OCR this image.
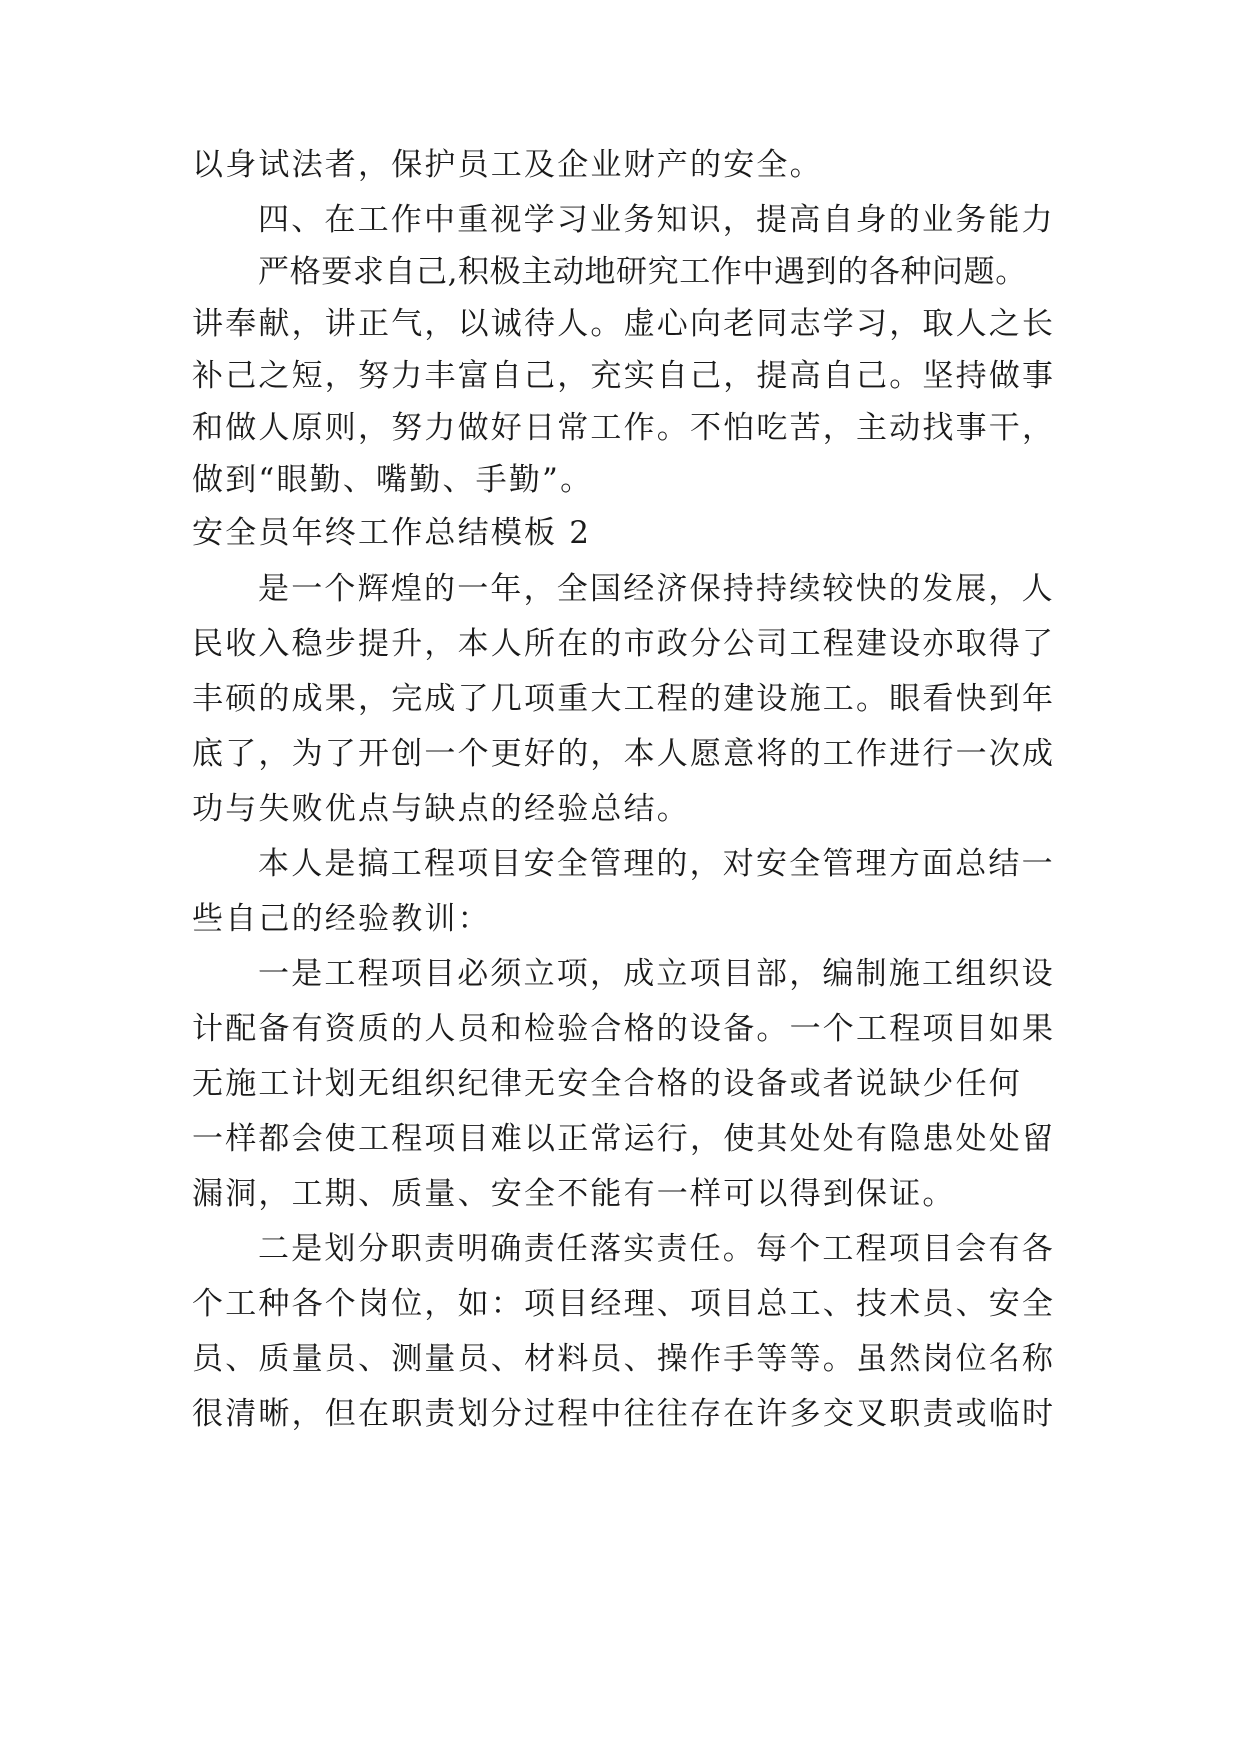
以身试法者，保护员工及企业财产的安全。
四、在工作中重视学习业务知识，提高自身的业务能力
严格要求自己,积极主动地研究工作中遇到的各种问题。
讲奉献，讲正气，以诚待人。虚心向老同志学习，取人之长
补己之短，努力丰富自己，充实自己，提高自己。坚持做事
和做人原则，努力做好日常工作。不怕吃苦，主动找事干，
做到“眼勤、嘴勤、手勤”。
安全员年终工作总结模板 2
是一个辉煌的一年，全国经济保持持续较快的发展，人
民收入稳步提升，本人所在的市政分公司工程建设亦取得了
丰硕的成果，完成了几项重大工程的建设施工。眼看快到年
底了，为了开创一个更好的，本人愿意将的工作进行一次成
功与失败优点与缺点的经验总结。
本人是搞工程项目安全管理的，对安全管理方面总结一
些自己的经验教训：
一是工程项目必须立项，成立项目部，编制施工组织设
计配备有资质的人员和检验合格的设备。一个工程项目如果
无施工计划无组织纪律无安全合格的设备或者说缺少任何
一样都会使工程项目难以正常运行，使其处处有隐患处处留
漏洞，工期、质量、安全不能有一样可以得到保证。
二是划分职责明确责任落实责任。每个工程项目会有各
个工种各个岗位，如：项目经理、项目总工、技术员、安全
员、质量员、测量员、材料员、操作手等等。虽然岗位名称
很清晰，但在职责划分过程中往往存在许多交叉职责或临时
